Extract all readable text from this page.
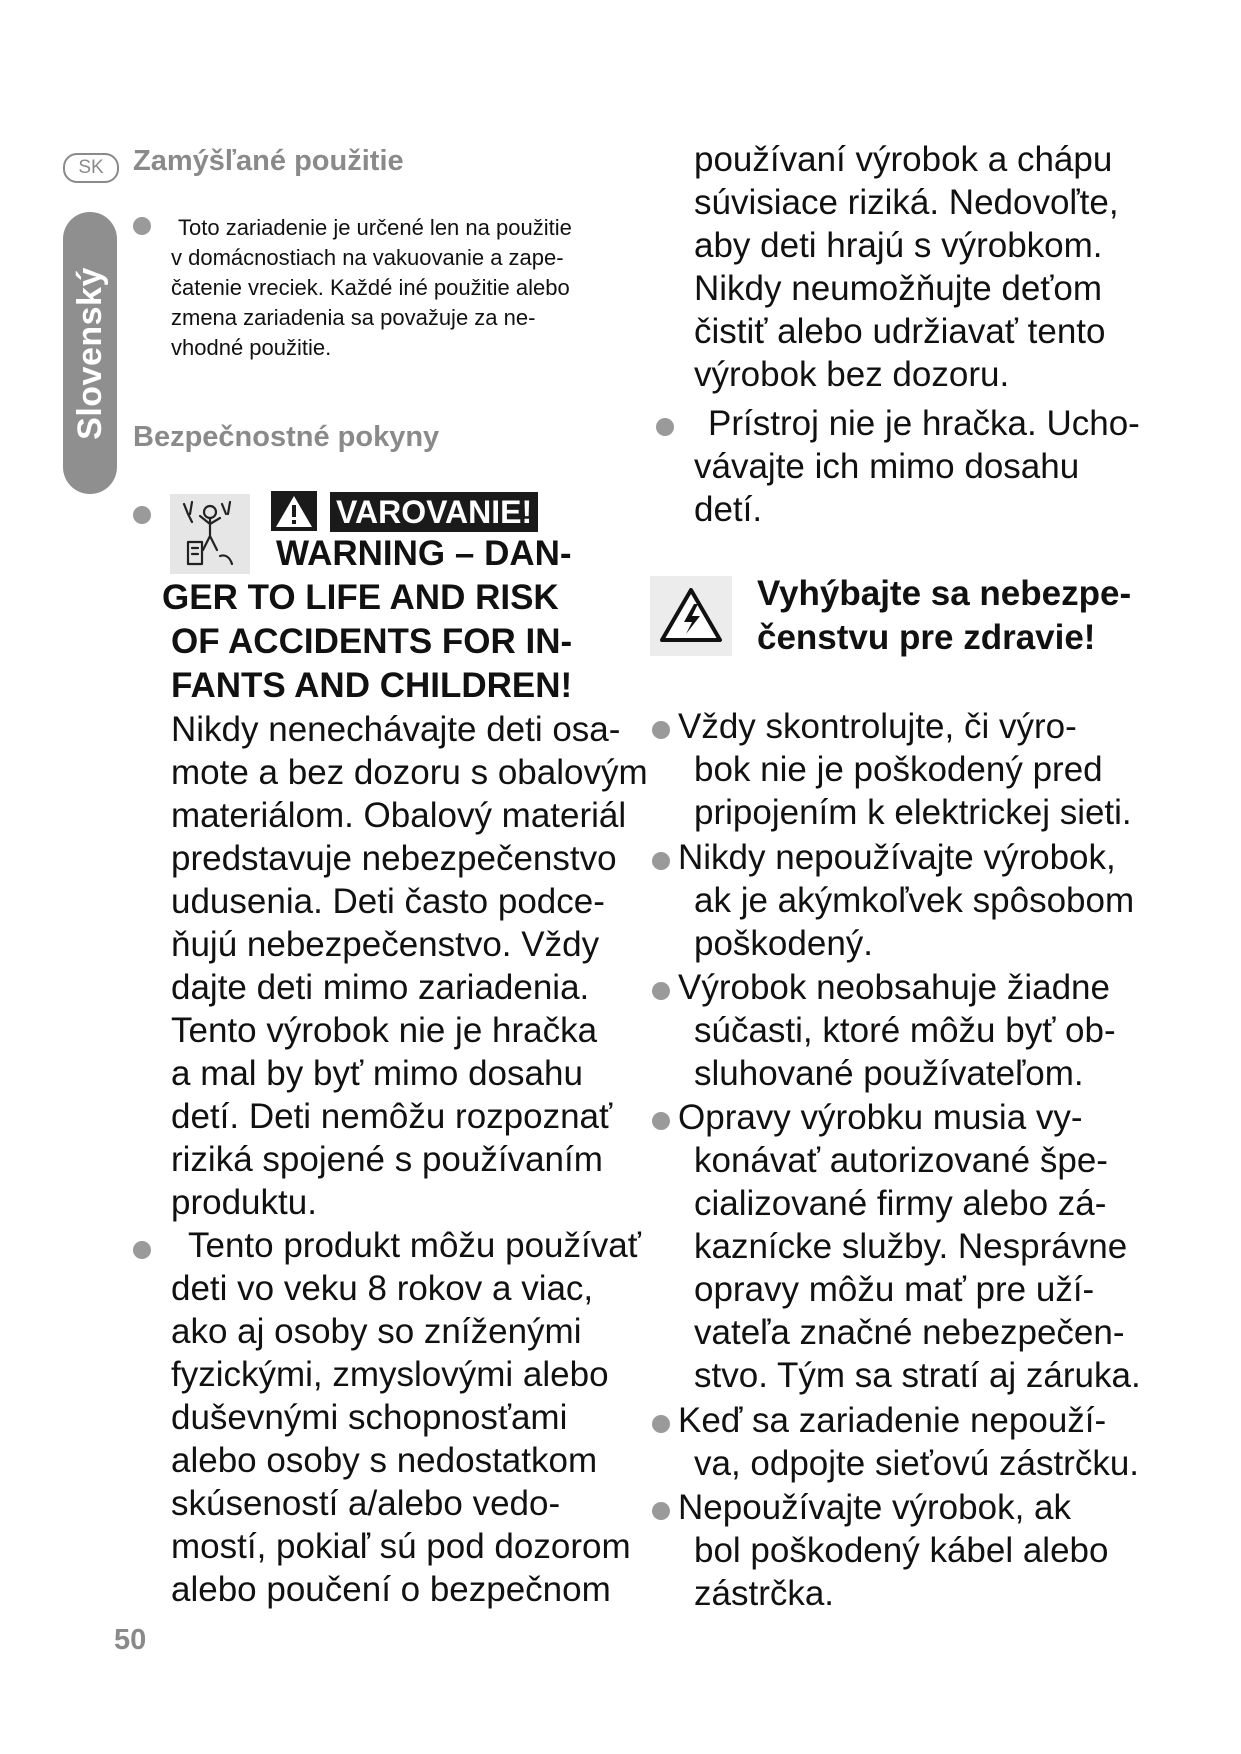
Slovenský
SK	Zamýšľané použitie
Toto zariadenie je určené len na použitie
v domácnostiach na vakuovanie a zape-
čatenie vreciek. Každé iné použitie alebo
zmena zariadenia sa považuje za ne-
vhodné použitie.
Bezpečnostné pokyny
VAROVANIE!
WARNING – DAN-
GER TO LIFE AND RISK
OF ACCIDENTS FOR IN-
FANTS AND CHILDREN!
Nikdy nenechávajte deti osa-
mote a bez dozoru s obalovým
materiálom. Obalový materiál
predstavuje nebezpečenstvo
udusenia. Deti často podce-
ňujú nebezpečenstvo. Vždy
dajte deti mimo zariadenia.
Tento výrobok nie je hračka
a mal by byť mimo dosahu
detí. Deti nemôžu rozpoznať
riziká spojené s používaním
produktu.
Tento produkt môžu používať
deti vo veku 8 rokov a viac,
ako aj osoby so zníženými
fyzickými, zmyslovými alebo
duševnými schopnosťami
alebo osoby s nedostatkom
skúseností a/alebo vedo-
mostí, pokiaľ sú pod dozorom
alebo poučení o bezpečnom
50
používaní výrobok a chápu
súvisiace riziká. Nedovoľte,
aby deti hrajú s výrobkom.
Nikdy neumožňujte deťom
čistiť alebo udržiavať tento
výrobok bez dozoru.
Prístroj nie je hračka. Ucho-
vávajte ich mimo dosahu
detí.
Vyhýbajte sa nebezpe-
čenstvu pre zdravie!
Vždy skontrolujte, či výro-
bok nie je poškodený pred
pripojením k elektrickej sieti.
Nikdy nepoužívajte výrobok,
ak je akýmkoľvek spôsobom
poškodený.
Výrobok neobsahuje žiadne
súčasti, ktoré môžu byť ob-
sluhované používateľom.
Opravy výrobku musia vy-
konávať autorizované špe-
cializované firmy alebo zá-
kaznícke služby. Nesprávne
opravy môžu mať pre uží-
vateľa značné nebezpečen-
stvo. Tým sa stratí aj záruka.
Keď sa zariadenie nepouží-
va, odpojte sieťovú zástrčku.
Nepoužívajte výrobok, ak
bol poškodený kábel alebo
zástrčka.
